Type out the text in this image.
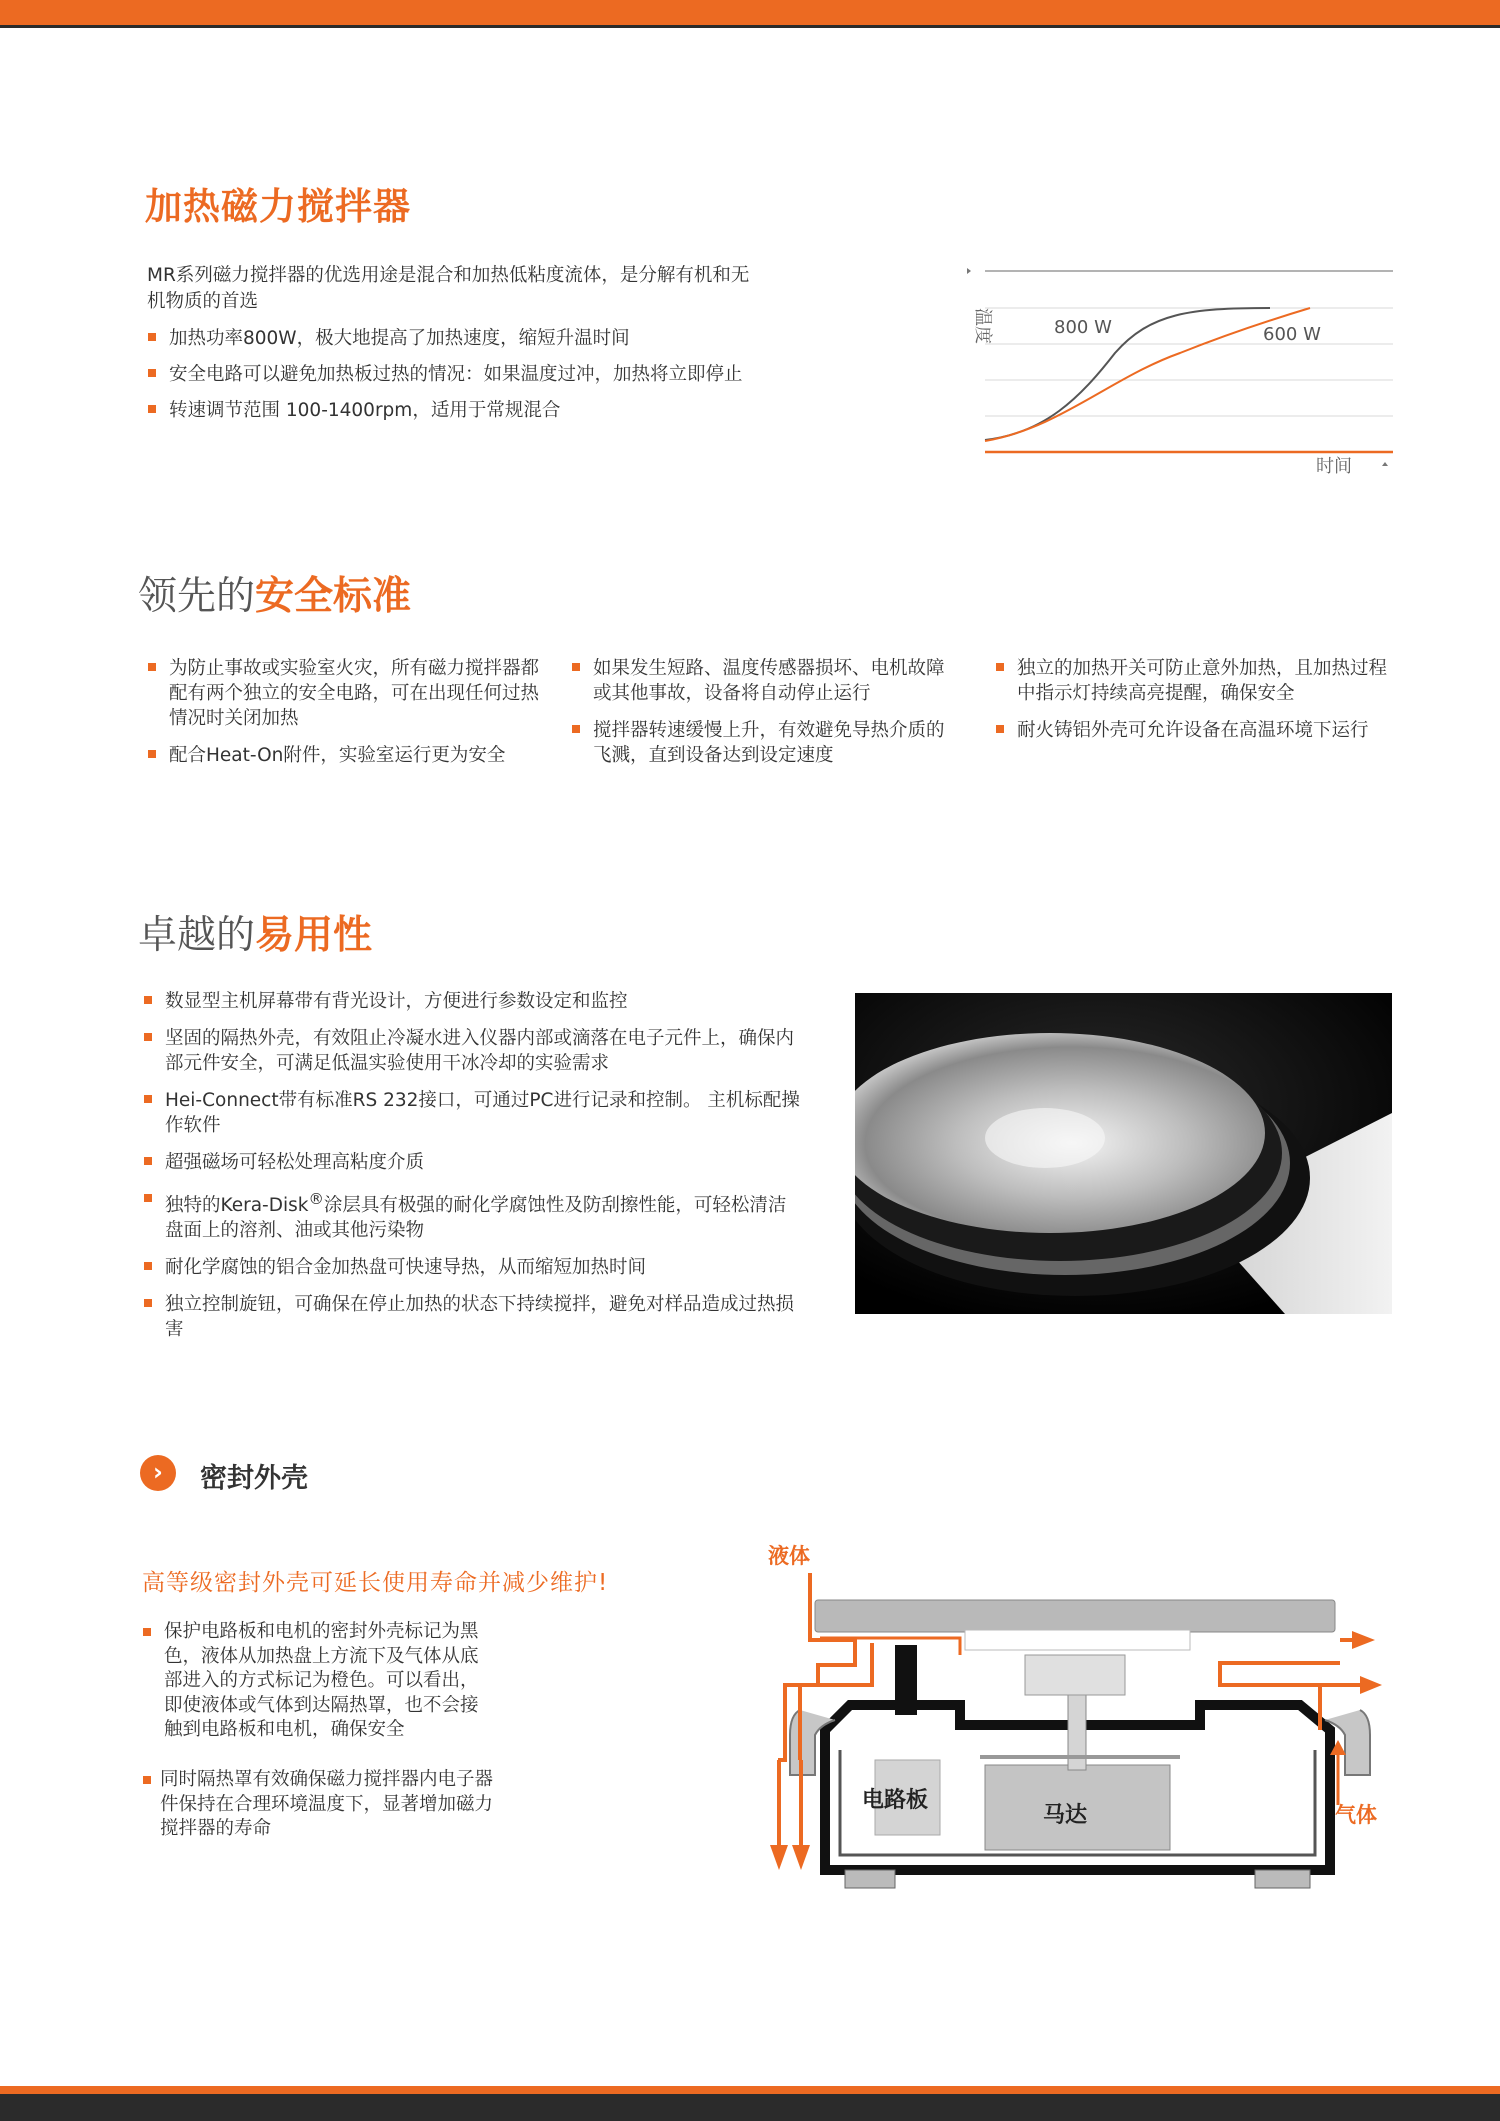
加热磁力搅拌器
MR系列磁力搅拌器的优选用途是混合和加热低粘度流体，是分解有机和无
机物质的首选
加热功率800W，极大地提高了加热速度，缩短升温时间
安全电路可以避免加热板过热的情况：如果温度过冲，加热将立即停止
转速调节范围 100-1400rpm，适用于常规混合
800 W	600 W
温度
时间
领先的安全标准
为防止事故或实验室火灾，所有磁力搅拌器都配有两个独立的安全电路，可在出现任何过热情况时关闭加热
配合Heat-On附件，实验室运行更为安全
如果发生短路、温度传感器损坏、电机故障或其他事故，设备将自动停止运行
搅拌器转速缓慢上升，有效避免导热介质的飞溅，直到设备达到设定速度
独立的加热开关可防止意外加热，且加热过程中指示灯持续高亮提醒，确保安全
耐火铸铝外壳可允许设备在高温环境下运行
卓越的易用性
数显型主机屏幕带有背光设计，方便进行参数设定和监控
坚固的隔热外壳，有效阻止冷凝水进入仪器内部或滴落在电子元件上，确保内部元件安全，可满足低温实验使用干冰冷却的实验需求
Hei-Connect带有标准RS 232接口，可通过PC进行记录和控制。 主机标配操作软件
超强磁场可轻松处理高粘度介质
独特的Kera-Disk®涂层具有极强的耐化学腐蚀性及防刮擦性能，可轻松清洁盘面上的溶剂、油或其他污染物
耐化学腐蚀的铝合金加热盘可快速导热，从而缩短加热时间
独立控制旋钮，可确保在停止加热的状态下持续搅拌，避免对样品造成过热损害
›	密封外壳
高等级密封外壳可延长使用寿命并减少维护!
保护电路板和电机的密封外壳标记为黑
色，液体从加热盘上方流下及气体从底
部进入的方式标记为橙色。可以看出，
即使液体或气体到达隔热罩，也不会接
触到电路板和电机，确保安全
同时隔热罩有效确保磁力搅拌器内电子器
件保持在合理环境温度下，显著增加磁力
搅拌器的寿命
液体
气体
电路板
马达
